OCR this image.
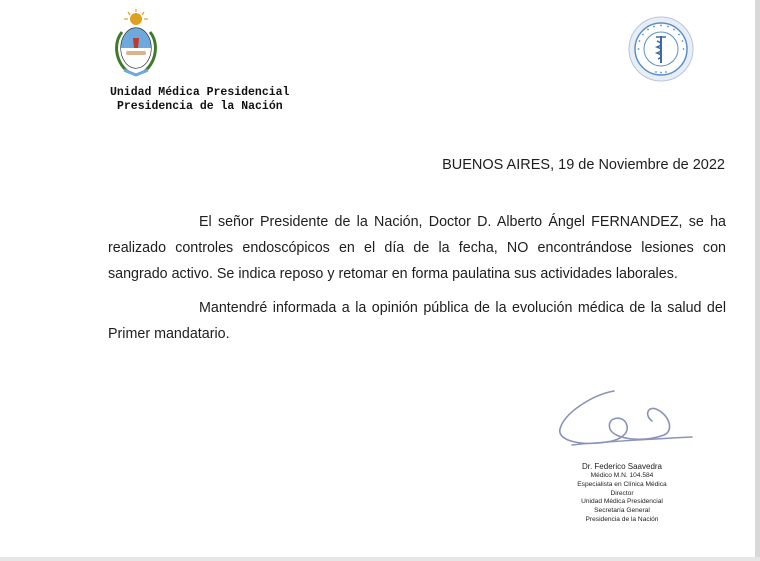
Unidad Médica Presidencial
Presidencia de la Nación
BUENOS AIRES, 19 de Noviembre de 2022

El señor Presidente de la Nación, Doctor D. Alberto Ángel FERNANDEZ, se ha realizado controles endoscópicos en el día de la fecha, NO encontrándose lesiones con sangrado activo. Se indica reposo y retomar en forma paulatina sus actividades laborales.

Mantendré informada a la opinión pública de la evolución médica de la salud del Primer mandatario.

Dr. Federico Saavedra
Médico M.N. 104.584
Especialista en Clínica Médica
Director
Unidad Médica Presidencial
Secretaría General
Presidencia de la Nación
